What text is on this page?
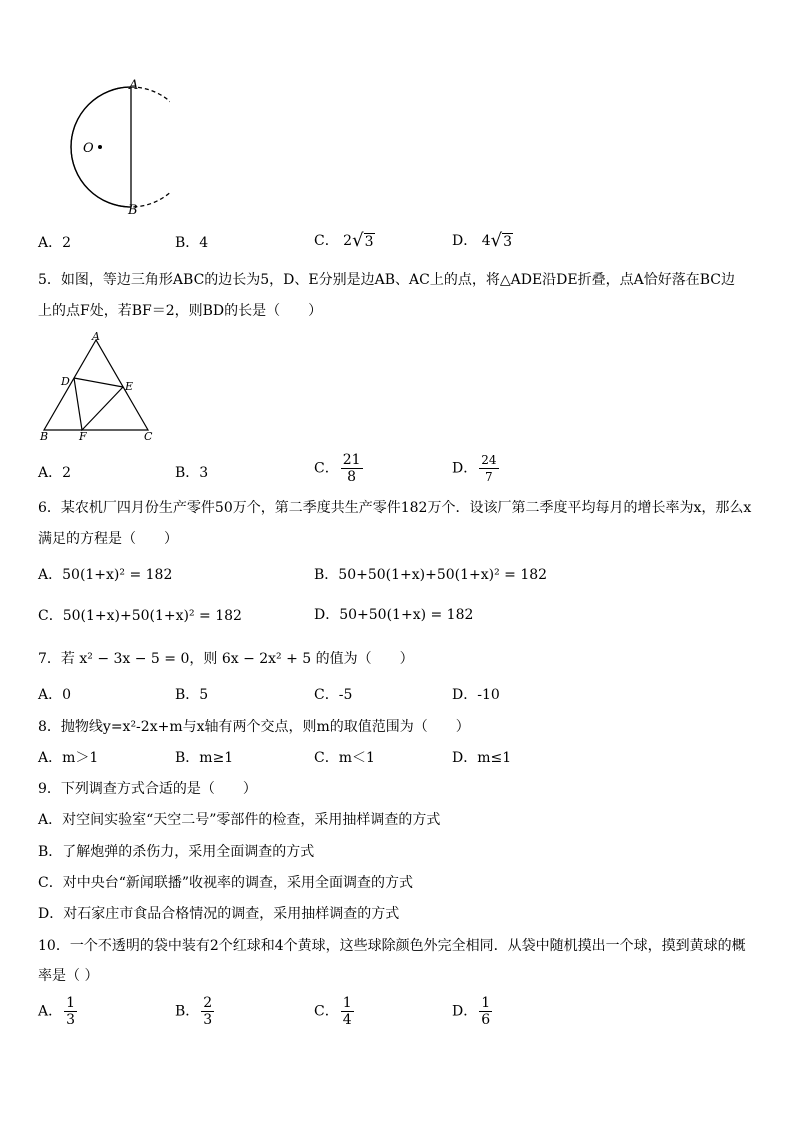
A
O
B
A．2	B．4	C． 2 √ 3	D． 4 √ 3
5．如图，等边三角形ABC的边长为5，D、E分别是边AB、AC上的点，将△ADE沿DE折叠，点A恰好落在BC边
上的点F处，若BF＝2，则BD的长是（　　）
A
D	E
B	F	C
A．2	B．3	C． $\frac{21}{8}$	D． $\frac{24}{7}$
6．某农机厂四月份生产零件50万个，第二季度共生产零件182万个．设该厂第二季度平均每月的增长率为x，那么x
满足的方程是（　　）
A．50(1+x)² = 182	B．50+50(1+x)+50(1+x)² = 182
C．50(1+x)+50(1+x)² = 182	D．50+50(1+x) = 182
7．若 x² − 3x − 5 = 0，则 6x − 2x² + 5 的值为（　　）
A．0	B．5	C．-5	D．-10
8．抛物线y=x²-2x+m与x轴有两个交点，则m的取值范围为（　　）
A．m＞1	B．m≥1	C．m＜1	D．m≤1
9．下列调查方式合适的是（　　）
A．对空间实验室“天空二号”零部件的检查，采用抽样调查的方式
B．了解炮弹的杀伤力，采用全面调查的方式
C．对中央台“新闻联播”收视率的调查，采用全面调查的方式
D．对石家庄市食品合格情况的调查，采用抽样调查的方式
10．一个不透明的袋中装有2个红球和4个黄球，这些球除颜色外完全相同．从袋中随机摸出一个球，摸到黄球的概
率是（ ）
A． $\frac{1}{3}$	B． $\frac{2}{3}$	C． $\frac{1}{4}$	D． $\frac{1}{6}$
